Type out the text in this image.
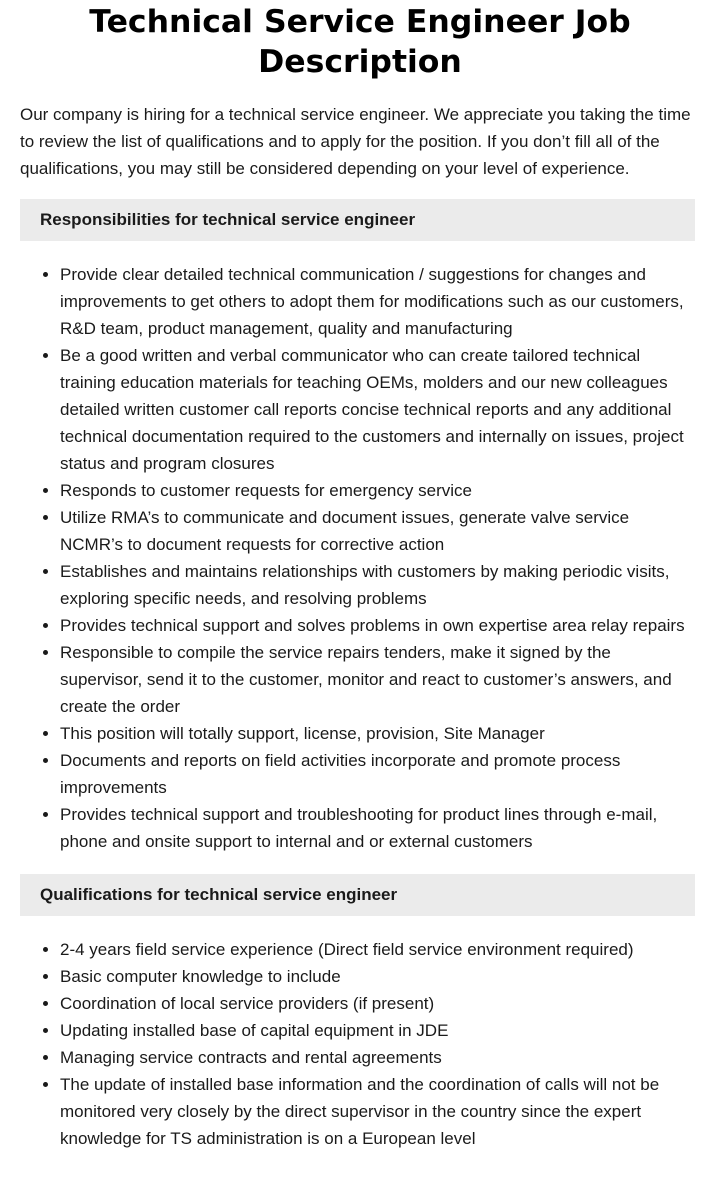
Technical Service Engineer Job Description

Our company is hiring for a technical service engineer. We appreciate you taking the time to review the list of qualifications and to apply for the position. If you don’t fill all of the qualifications, you may still be considered depending on your level of experience.

Responsibilities for technical service engineer
• Provide clear detailed technical communication / suggestions for changes and improvements to get others to adopt them for modifications such as our customers, R&D team, product management, quality and manufacturing
• Be a good written and verbal communicator who can create tailored technical training education materials for teaching OEMs, molders and our new colleagues detailed written customer call reports concise technical reports and any additional technical documentation required to the customers and internally on issues, project status and program closures
• Responds to customer requests for emergency service
• Utilize RMA’s to communicate and document issues, generate valve service NCMR’s to document requests for corrective action
• Establishes and maintains relationships with customers by making periodic visits, exploring specific needs, and resolving problems
• Provides technical support and solves problems in own expertise area relay repairs
• Responsible to compile the service repairs tenders, make it signed by the supervisor, send it to the customer, monitor and react to customer’s answers, and create the order
• This position will totally support, license, provision, Site Manager
• Documents and reports on field activities incorporate and promote process improvements
• Provides technical support and troubleshooting for product lines through e-mail, phone and onsite support to internal and or external customers
Qualifications for technical service engineer
• 2-4 years field service experience (Direct field service environment required)
• Basic computer knowledge to include
• Coordination of local service providers (if present)
• Updating installed base of capital equipment in JDE
• Managing service contracts and rental agreements
• The update of installed base information and the coordination of calls will not be monitored very closely by the direct supervisor in the country since the expert knowledge for TS administration is on a European level
